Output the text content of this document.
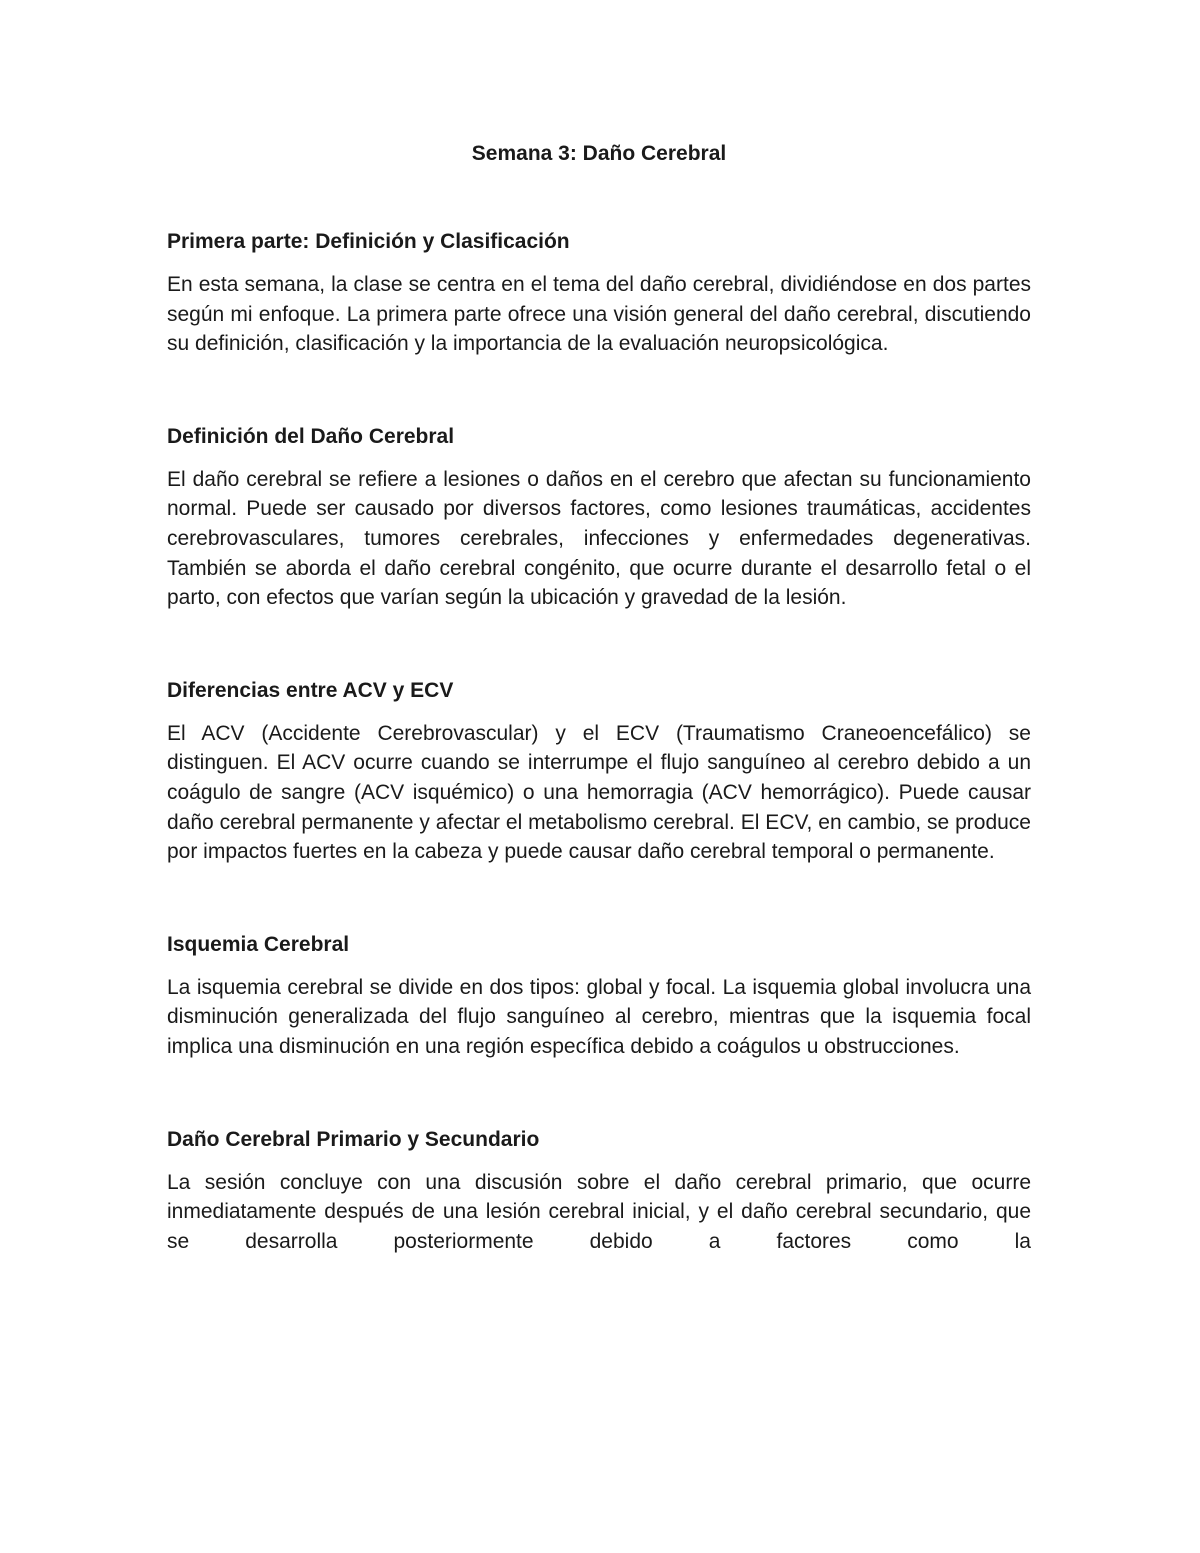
Semana 3: Daño Cerebral
Primera parte: Definición y Clasificación

En esta semana, la clase se centra en el tema del daño cerebral, dividiéndose en dos partes según mi enfoque. La primera parte ofrece una visión general del daño cerebral, discutiendo su definición, clasificación y la importancia de la evaluación neuropsicológica.

Definición del Daño Cerebral

El daño cerebral se refiere a lesiones o daños en el cerebro que afectan su funcionamiento normal. Puede ser causado por diversos factores, como lesiones traumáticas, accidentes cerebrovasculares, tumores cerebrales, infecciones y enfermedades degenerativas. También se aborda el daño cerebral congénito, que ocurre durante el desarrollo fetal o el parto, con efectos que varían según la ubicación y gravedad de la lesión.

Diferencias entre ACV y ECV

El ACV (Accidente Cerebrovascular) y el ECV (Traumatismo Craneoencefálico) se distinguen. El ACV ocurre cuando se interrumpe el flujo sanguíneo al cerebro debido a un coágulo de sangre (ACV isquémico) o una hemorragia (ACV hemorrágico). Puede causar daño cerebral permanente y afectar el metabolismo cerebral. El ECV, en cambio, se produce por impactos fuertes en la cabeza y puede causar daño cerebral temporal o permanente.

Isquemia Cerebral

La isquemia cerebral se divide en dos tipos: global y focal. La isquemia global involucra una disminución generalizada del flujo sanguíneo al cerebro, mientras que la isquemia focal implica una disminución en una región específica debido a coágulos u obstrucciones.

Daño Cerebral Primario y Secundario

La sesión concluye con una discusión sobre el daño cerebral primario, que ocurre inmediatamente después de una lesión cerebral inicial, y el daño cerebral secundario, que se desarrolla posteriormente debido a factores como la
